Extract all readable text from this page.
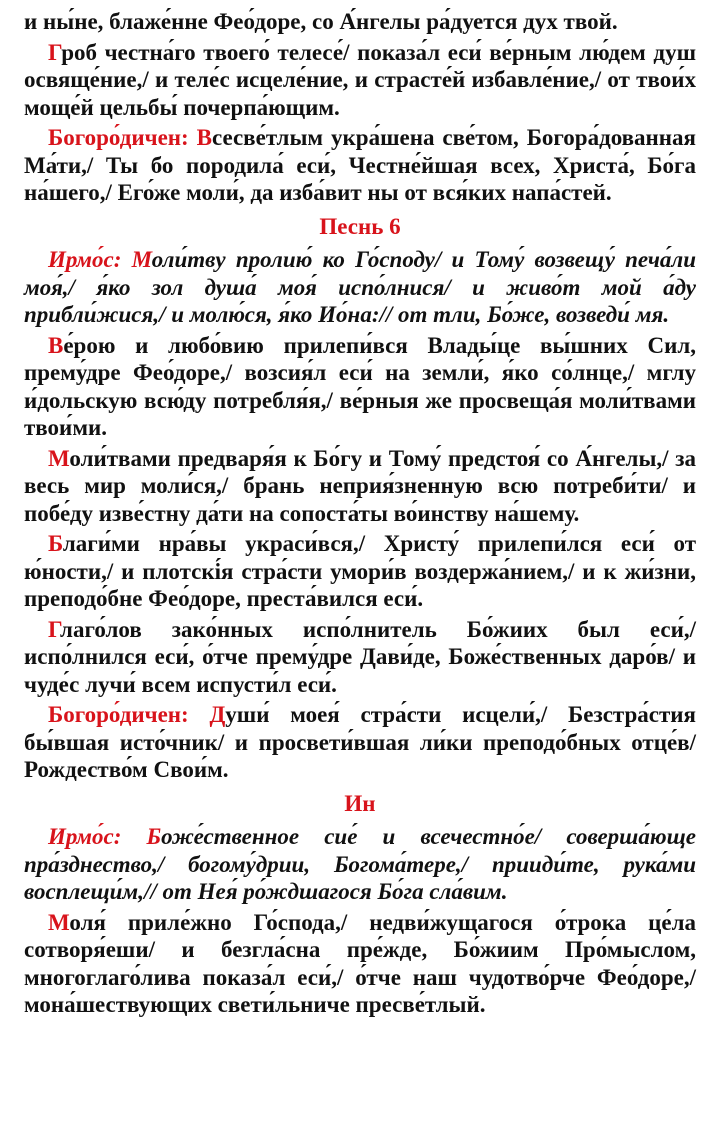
и ны́не, блаже́нне Фео́доре, со А́нгелы ра́дуется дух твой.

Гроб честна́го твоего́ телесе́/ показа́л еси́ ве́рным лю́дем душ освяще́ние,/ и теле́с исцеле́ние, и страсте́й избавле́ние,/ от твои́х моще́й цельбы́ почерпа́ющим.

Богоро́дичен: Всесве́тлым укра́шена све́том, Богора́дованная Ма́ти,/ Ты бо породила́ еси́, Честне́йшая всех, Христа́, Бо́га на́шего,/ Его́же моли́, да изба́вит ны от вся́ких напа́стей.

Песнь 6

Ирмо́с: Моли́тву пролию́ ко Го́споду/ и Тому́ возвещу́ печа́ли моя́,/ я́ко зол душа́ моя́ испо́лнися/ и живо́т мой а́ду прибли́жися,/ и молю́ся, я́ко Ио́на:// от тли, Бо́же, возведи́ мя.

Ве́рою и любо́вию прилепи́вся Влады́це вы́шних Сил, прему́дре Фео́доре,/ возсия́л еси́ на земли́, я́ко со́лнце,/ мглу и́дольскую всю́ду потребля́я,/ ве́рныя же просвеща́я моли́твами твои́ми.

Моли́твами предваря́я к Бо́гу и Тому́ предстоя́ со А́нгелы,/ за весь мир моли́ся,/ брань неприя́зненную всю потреби́ти/ и побе́ду изве́стну да́ти на сопоста́ты во́инству на́шему.

Благи́ми нра́вы украси́вся,/ Христу́ прилепи́лся еси́ от ю́ности,/ и плотскі́я стра́сти умори́в воздержа́нием,/ и к жи́зни, преподо́бне Фео́доре, преста́вился еси́.

Глаго́лов зако́нных испо́лнитель Бо́жиих был еси́,/ испо́лнился еси́, о́тче прему́дре Дави́де, Боже́ственных даро́в/ и чуде́с лучи́ всем испусти́л еси́.

Богоро́дичен: Души́ моея́ стра́сти исцели́,/ Безстра́стия бы́вшая исто́чник/ и просвети́вшая ли́ки преподо́бных отце́в/ Рождество́м Свои́м.

Ин

Ирмо́с: Боже́ственное сие́ и всечестно́е/ соверша́юще пра́зднество,/ богому́дрии, Богома́тере,/ прииди́те, рука́ми восплещи́м,// от Нея́ ро́ждшагося Бо́га сла́вим.

Моля́ приле́жно Го́спода,/ недви́жущагося о́трока це́ла сотворя́еши/ и безгла́сна пре́жде, Бо́жиим Про́мыслом, многоглаго́лива показа́л еси́,/ о́тче наш чудотво́рче Фео́доре,/ мона́шествующих свети́льниче пресве́тлый.
